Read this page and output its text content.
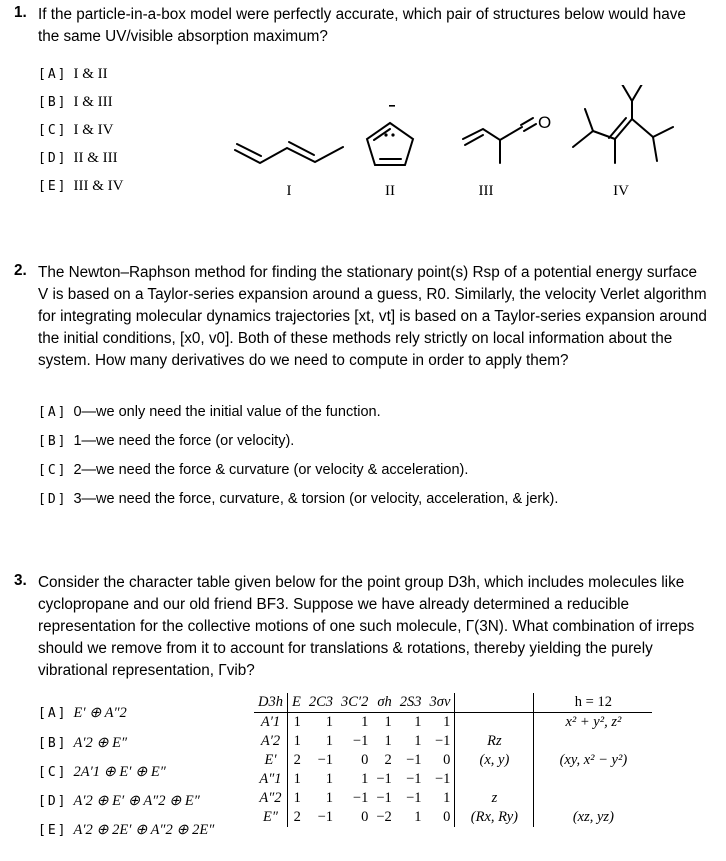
1. If the particle-in-a-box model were perfectly accurate, which pair of structures below would have the same UV/visible absorption maximum?
[A] I & II
[B] I & III
[C] I & IV
[D] II & III
[E] III & IV
O
I	II	III	IV
2. The Newton–Raphson method for finding the stationary point(s) Rsp of a potential energy surface V is based on a Taylor-series expansion around a guess, R0. Similarly, the velocity Verlet algorithm for integrating molecular dynamics trajectories [xt, vt] is based on a Taylor-series expansion around the initial conditions, [x0, v0]. Both of these methods rely strictly on local information about the system. How many derivatives do we need to compute in order to apply them?
[A] 0—we only need the initial value of the function.
[B] 1—we need the force (or velocity).
[C] 2—we need the force & curvature (or velocity & acceleration).
[D] 3—we need the force, curvature, & torsion (or velocity, acceleration, & jerk).
3. Consider the character table given below for the point group D3h, which includes molecules like cyclopropane and our old friend BF3. Suppose we have already determined a reducible representation for the collective motions of one such molecule, Γ(3N). What combination of irreps should we remove from it to account for translations & rotations, thereby yielding the purely vibrational representation, Γvib?
[A] E′ ⊕ A″2
[B] A′2 ⊕ E″
[C] 2A′1 ⊕ E′ ⊕ E″
[D] A′2 ⊕ E′ ⊕ A″2 ⊕ E″
[E] A′2 ⊕ 2E′ ⊕ A″2 ⊕ 2E″
D3h	E	2C3	3C′2	σh	2S3	3σv		h = 12
A′1	1	1	1	1	1	1		x² + y², z²
A′2	1	1	−1	1	1	−1	Rz	
E′	2	−1	0	2	−1	0	(x, y)	(xy, x² − y²)
A″1	1	1	1	−1	−1	−1		
A″2	1	1	−1	−1	−1	1	z	
E″	2	−1	0	−2	1	0	(Rx, Ry)	(xz, yz)
